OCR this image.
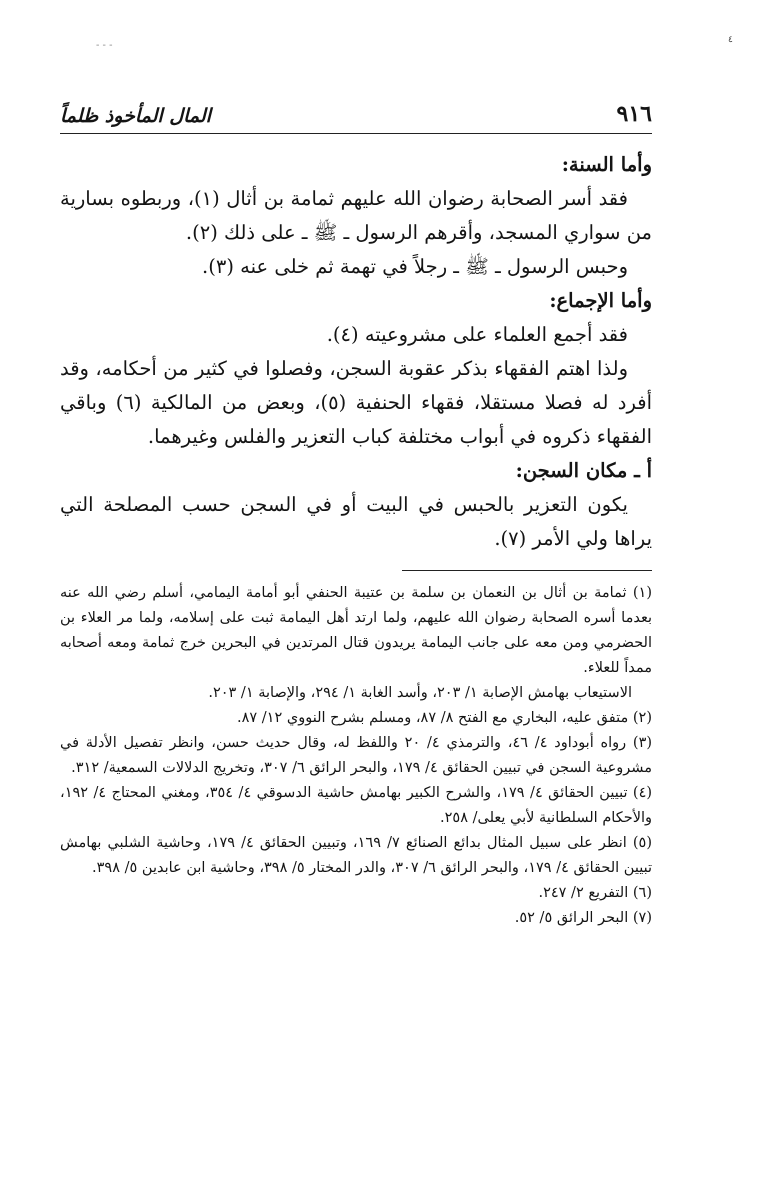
- - -	٤
٩١٦
المال المأخوذ ظلماً

وأما السنة:

فقد أسر الصحابة رضوان الله عليهم ثمامة بن أثال (١)، وربطوه بسارية من سواري المسجد، وأقرهم الرسول ـ ﷺ ـ على ذلك (٢).

وحبس الرسول ـ ﷺ ـ رجلاً في تهمة ثم خلى عنه (٣).

وأما الإجماع:

فقد أجمع العلماء على مشروعيته (٤).

ولذا اهتم الفقهاء بذكر عقوبة السجن، وفصلوا في كثير من أحكامه، وقد أفرد له فصلا مستقلا، فقهاء الحنفية (٥)، وبعض من المالكية (٦) وباقي الفقهاء ذكروه في أبواب مختلفة كباب التعزير والفلس وغيرهما.

أ ـ مكان السجن:

يكون التعزير بالحبس في البيت أو في السجن حسب المصلحة التي يراها ولي الأمر (٧).

(١) ثمامة بن أثال بن النعمان بن سلمة بن عتيبة الحنفي أبو أمامة اليمامي، أسلم رضي الله عنه بعدما أسره الصحابة رضوان الله عليهم، ولما ارتد أهل اليمامة ثبت على إسلامه، ولما مر العلاء بن الحضرمي ومن معه على جانب اليمامة يريدون قتال المرتدين في البحرين خرج ثمامة ومعه أصحابه ممداً للعلاء.

الاستيعاب بهامش الإصابة ١/ ٢٠٣، وأسد الغابة ١/ ٢٩٤، والإصابة ١/ ٢٠٣.

(٢) متفق عليه، البخاري مع الفتح ٨/ ٨٧، ومسلم بشرح النووي ١٢/ ٨٧.

(٣) رواه أبوداود ٤/ ٤٦، والترمذي ٤/ ٢٠ واللفظ له، وقال حديث حسن، وانظر تفصيل الأدلة في مشروعية السجن في تبيين الحقائق ٤/ ١٧٩، والبحر الرائق ٦/ ٣٠٧، وتخريج الدلالات السمعية/ ٣١٢.

(٤) تبيين الحقائق ٤/ ١٧٩، والشرح الكبير بهامش حاشية الدسوقي ٤/ ٣٥٤، ومغني المحتاج ٤/ ١٩٢، والأحكام السلطانية لأبي يعلى/ ٢٥٨.

(٥) انظر على سبيل المثال بدائع الصنائع ٧/ ١٦٩، وتبيين الحقائق ٤/ ١٧٩، وحاشية الشلبي بهامش تبيين الحقائق ٤/ ١٧٩، والبحر الرائق ٦/ ٣٠٧، والدر المختار ٥/ ٣٩٨، وحاشية ابن عابدين ٥/ ٣٩٨.

(٦) التفريع ٢/ ٢٤٧.

(٧) البحر الرائق ٥/ ٥٢.
